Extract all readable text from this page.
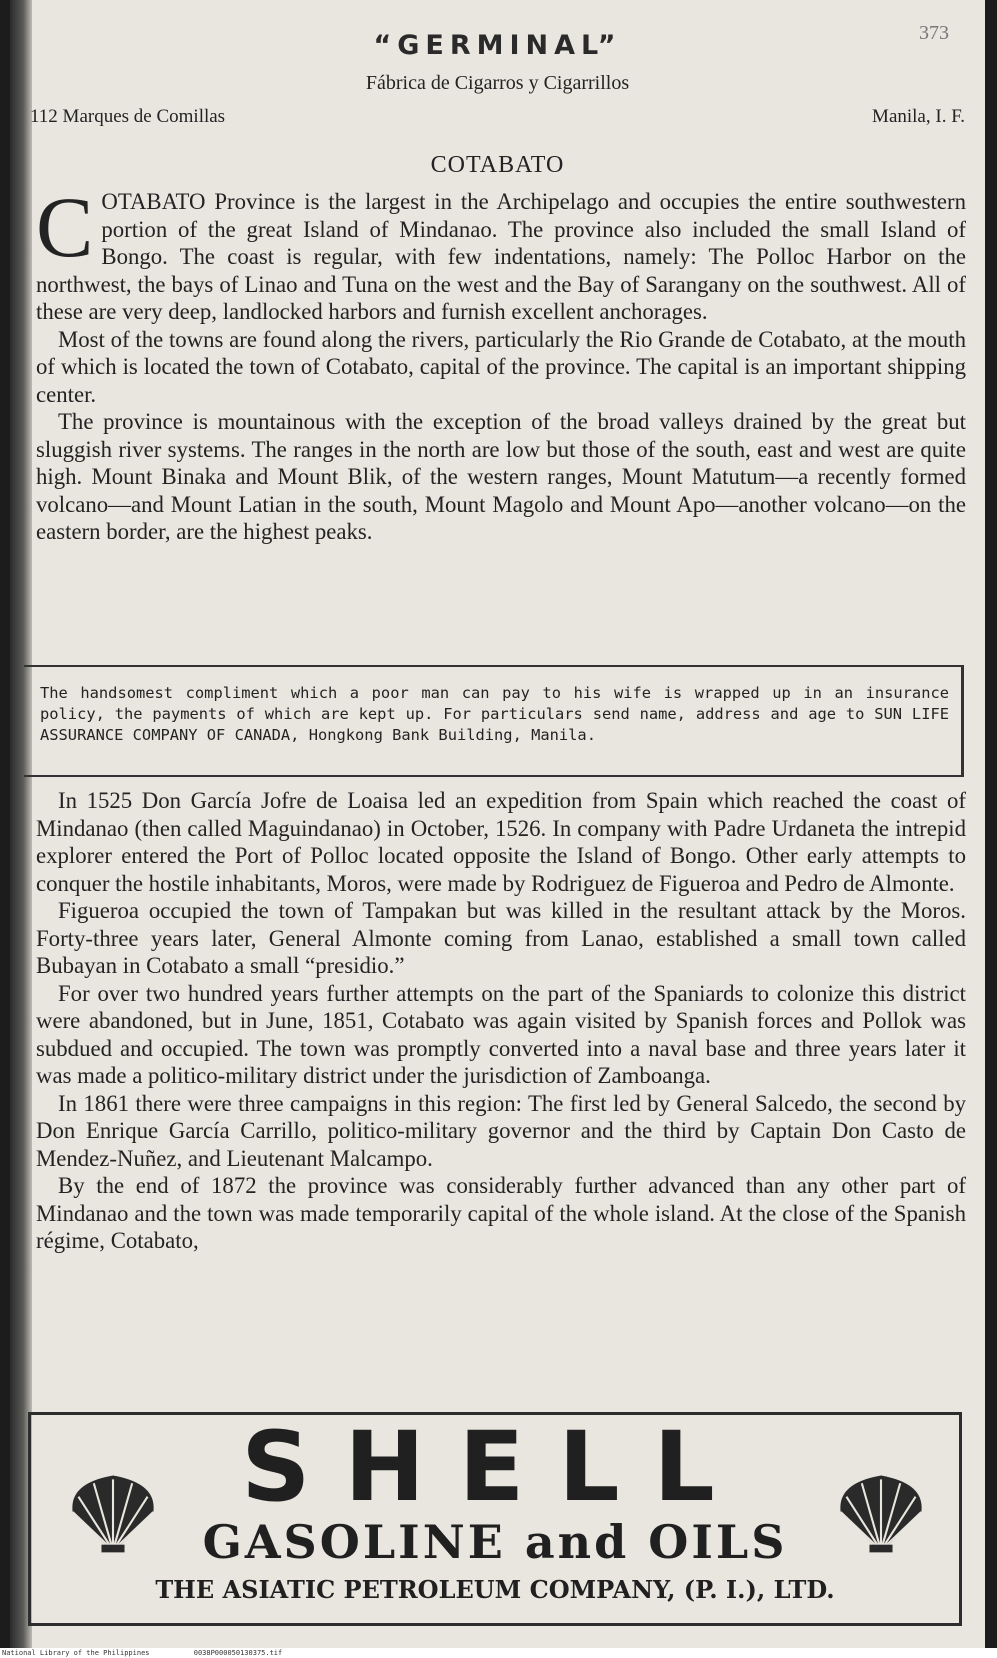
373
“GERMINAL”
Fábrica de Cigarros y Cigarrillos
112 Marques de Comillas	Manila, I. F.
COTABATO

COTABATO Province is the largest in the Archipelago and occupies the entire southwestern portion of the great Island of Mindanao. The province also included the small Island of Bongo. The coast is regular, with few indentations, namely: The Polloc Harbor on the northwest, the bays of Linao and Tuna on the west and the Bay of Sarangany on the southwest. All of these are very deep, landlocked harbors and furnish excellent anchorages.

Most of the towns are found along the rivers, particularly the Rio Grande de Cotabato, at the mouth of which is located the town of Cotabato, capital of the province. The capital is an important shipping center.

The province is mountainous with the exception of the broad valleys drained by the great but sluggish river systems. The ranges in the north are low but those of the south, east and west are quite high. Mount Binaka and Mount Blik, of the western ranges, Mount Matutum—a recently formed volcano—and Mount Latian in the south, Mount Magolo and Mount Apo—another volcano—on the eastern border, are the highest peaks.

The handsomest compliment which a poor man can pay to his wife is wrapped up in an insurance policy, the payments of which are kept up. For particulars send name, address and age to SUN LIFE ASSURANCE COMPANY OF CANADA, Hongkong Bank Building, Manila.

In 1525 Don García Jofre de Loaisa led an expedition from Spain which reached the coast of Mindanao (then called Maguindanao) in October, 1526. In company with Padre Urdaneta the intrepid explorer entered the Port of Polloc located opposite the Island of Bongo. Other early attempts to conquer the hostile inhabitants, Moros, were made by Rodriguez de Figueroa and Pedro de Almonte.

Figueroa occupied the town of Tampakan but was killed in the resultant attack by the Moros. Forty-three years later, General Almonte coming from Lanao, established a small town called Bubayan in Cotabato a small “presidio.”

For over two hundred years further attempts on the part of the Spaniards to colonize this district were abandoned, but in June, 1851, Cotabato was again visited by Spanish forces and Pollok was subdued and occupied. The town was promptly converted into a naval base and three years later it was made a politico-military district under the jurisdiction of Zamboanga.

In 1861 there were three campaigns in this region: The first led by General Salcedo, the second by Don Enrique García Carrillo, politico-military governor and the third by Captain Don Casto de Mendez-Nuñez, and Lieutenant Malcampo.

By the end of 1872 the province was considerably further advanced than any other part of Mindanao and the town was made temporarily capital of the whole island. At the close of the Spanish régime, Cotabato,

SHELL
GASOLINE and OILS
THE ASIATIC PETROLEUM COMPANY, (P. I.), LTD.
National Library of the Philippines	0038P000050130375.tif
